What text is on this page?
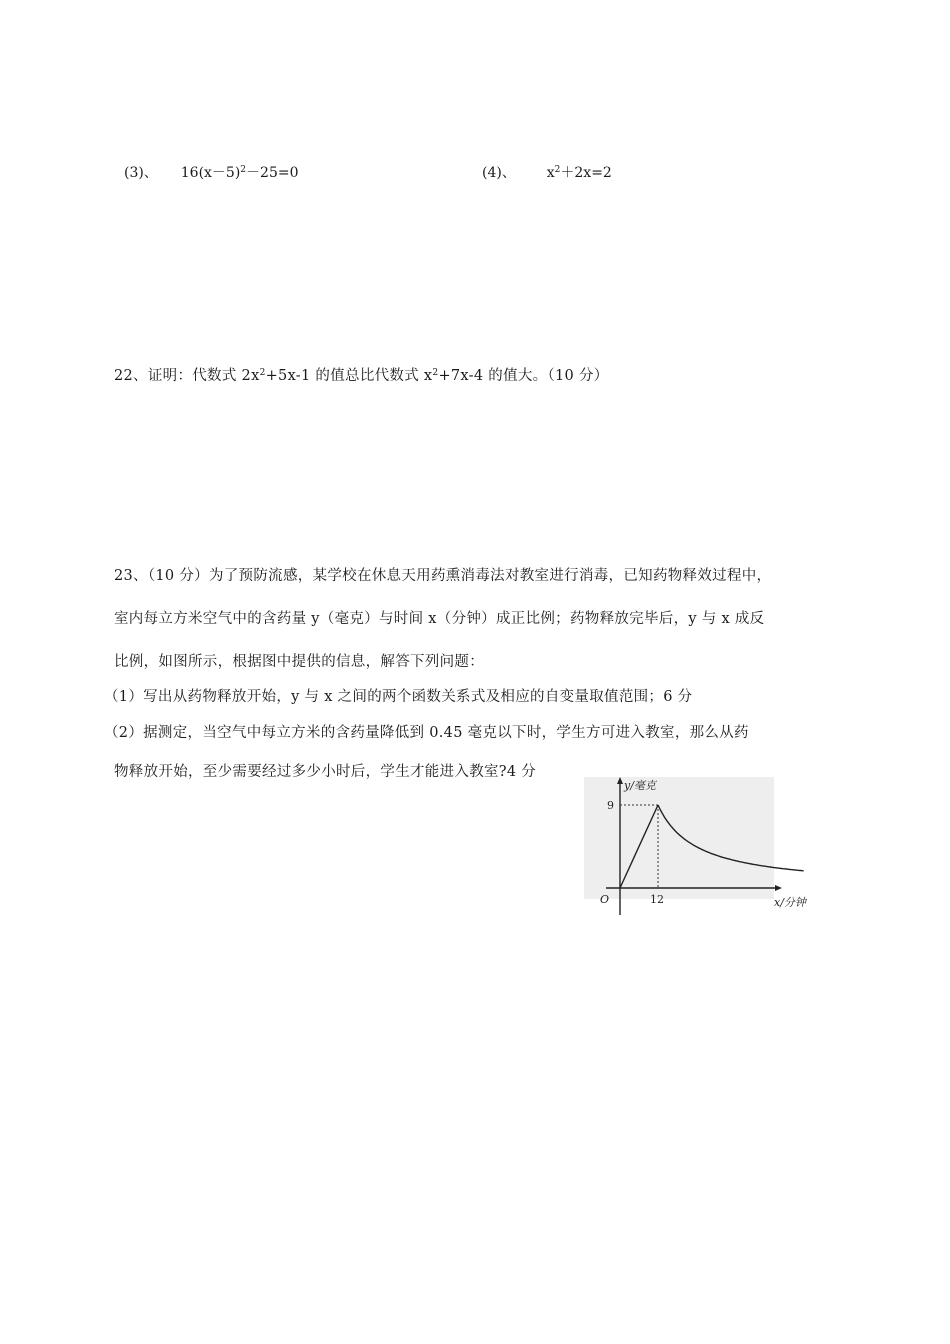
(3)、 $16(x-5)^2-25=0$	(4)、 $x^2+2x=2$
22、证明：代数式 $2x^2+5x-1$ 的值总比代数式 $x^2+7x-4$ 的值大。（10 分）
23、（10 分）为了预防流感，某学校在休息天用药熏消毒法对教室进行消毒，已知药物释效过程中，
室内每立方米空气中的含药量 y（毫克）与时间 x（分钟）成正比例；药物释放完毕后，y 与 x 成反
比例，如图所示，根据图中提供的信息，解答下列问题：
（1）写出从药物释放开始，y 与 x 之间的两个函数关系式及相应的自变量取值范围；6 分
（2）据测定，当空气中每立方米的含药量降低到 0.45 毫克以下时，学生方可进入教室，那么从药
物释放开始，至少需要经过多少小时后，学生才能进入教室?4 分
y/毫克
9
O	12	x/分钟
